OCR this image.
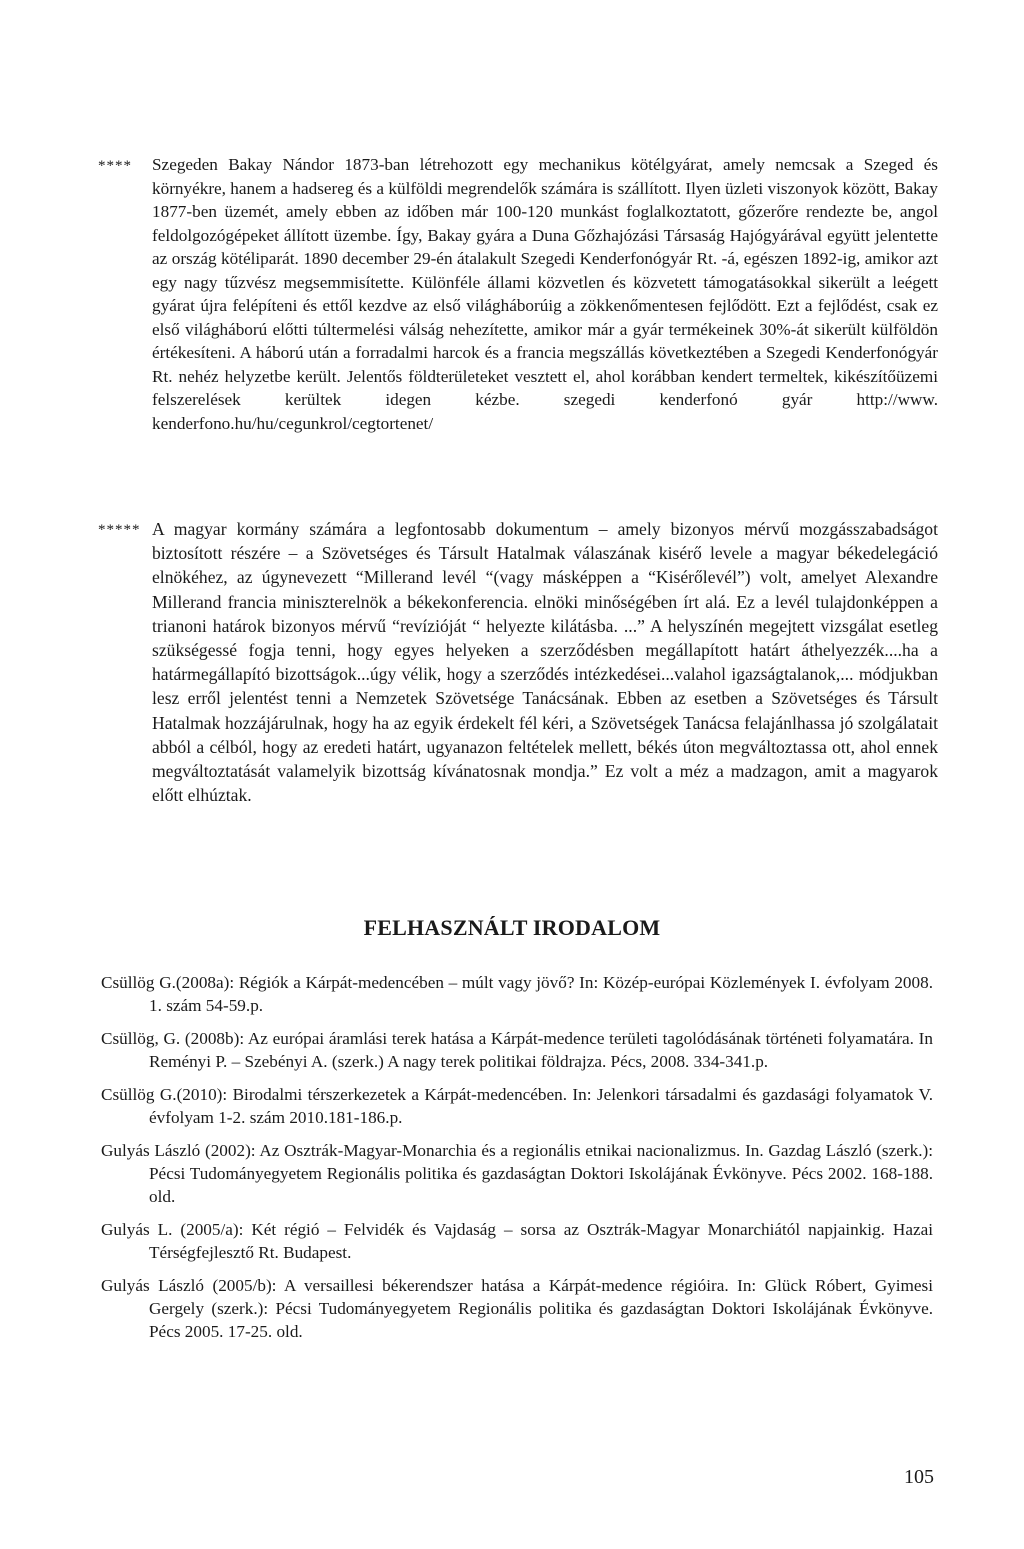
****	Szegeden Bakay Nándor 1873-ban létrehozott egy mechanikus kötélgyárat, amely nemcsak a Szeged és környékre, hanem a hadsereg és a külföldi megrendelők számára is szállított. Ilyen üzleti viszonyok között, Bakay 1877-ben üzemét, amely ebben az időben már 100-120 munkást foglalkoztatott, gőzerőre rendezte be, angol feldolgozógépeket állított üzembe. Így, Bakay gyára a Duna Gőzhajózási Társaság Hajógyárával együtt jelentette az ország kötéliparát. 1890 december 29-én átalakult Szegedi Kenderfonógyár Rt. -á, egészen 1892-ig, amikor azt egy nagy tűzvész megsemmisítette. Különféle állami közvetlen és közvetett támogatásokkal sikerült a leégett gyárat újra felépíteni és ettől kezdve az első világháborúig a zökkenőmentesen fejlődött. Ezt a fejlődést, csak ez első világháború előtti túltermelési válság nehezítette, amikor már a gyár termékeinek 30%-át sikerült külföldön értékesíteni. A háború után a forradalmi harcok és a francia megszállás következtében a Szegedi Kenderfonógyár Rt. nehéz helyzetbe került. Jelentős földterületeket vesztett el, ahol korábban kendert termeltek, kikészítőüzemi felszerelések kerültek idegen kézbe. szegedi kenderfonó gyár http://www. kenderfono.hu/hu/cegunkrol/cegtortenet/

***** A magyar kormány számára a legfontosabb dokumentum – amely bizonyos mérvű mozgásszabadságot biztosított részére – a Szövetséges és Társult Hatalmak válaszának kisérő levele a magyar békedelegáció elnökéhez, az úgynevezett “Millerand levél “(vagy másképpen a “Kisérőlevél”) volt, amelyet Alexandre Millerand francia miniszterelnök a békekonferencia. elnöki minőségében írt alá. Ez a levél tulajdonképpen a trianoni határok bizonyos mérvű “revízióját “ helyezte kilátásba. ...” A helyszínén megejtett vizsgálat esetleg szükségessé fogja tenni, hogy egyes helyeken a szerződésben megállapított határt áthelyezzék....ha a határmegállapító bizottságok...úgy vélik, hogy a szerződés intézkedései...valahol igazságtalanok,... módjukban lesz erről jelentést tenni a Nemzetek Szövetsége Tanácsának. Ebben az esetben a Szövetséges és Társult Hatalmak hozzájárulnak, hogy ha az egyik érdekelt fél kéri, a Szövetségek Tanácsa felajánlhassa jó szolgálatait abból a célból, hogy az eredeti határt, ugyanazon feltételek mellett, békés úton megváltoztassa ott, ahol ennek megváltoztatását valamelyik bizottság kívánatosnak mondja.” Ez volt a méz a madzagon, amit a magyarok előtt elhúztak.

FELHASZNÁLT IRODALOM
Csüllög G.(2008a): Régiók a Kárpát-medencében – múlt vagy jövő? In: Közép-európai Közlemények I. évfolyam 2008. 1. szám 54-59.p.
Csüllög, G. (2008b): Az európai áramlási terek hatása a Kárpát-medence területi tagolódásának történeti folyamatára. In Reményi P. – Szebényi A. (szerk.) A nagy terek politikai földrajza. Pécs, 2008. 334-341.p.
Csüllög G.(2010): Birodalmi térszerkezetek a Kárpát-medencében. In: Jelenkori társadalmi és gazdasági folyamatok V. évfolyam 1-2. szám 2010.181-186.p.
Gulyás László (2002): Az Osztrák-Magyar-Monarchia és a regionális etnikai nacionalizmus. In. Gazdag László (szerk.): Pécsi Tudományegyetem Regionális politika és gazdaságtan Doktori Iskolájának Évkönyve. Pécs 2002. 168-188. old.
Gulyás L. (2005/a): Két régió – Felvidék és Vajdaság – sorsa az Osztrák-Magyar Monarchiától napjainkig. Hazai Térségfejlesztő Rt. Budapest.
Gulyás László (2005/b): A versaillesi békerendszer hatása a Kárpát-medence régióira. In: Glück Róbert, Gyimesi Gergely (szerk.): Pécsi Tudományegyetem Regionális politika és gazdaságtan Doktori Iskolájának Évkönyve. Pécs 2005. 17-25. old.

105
